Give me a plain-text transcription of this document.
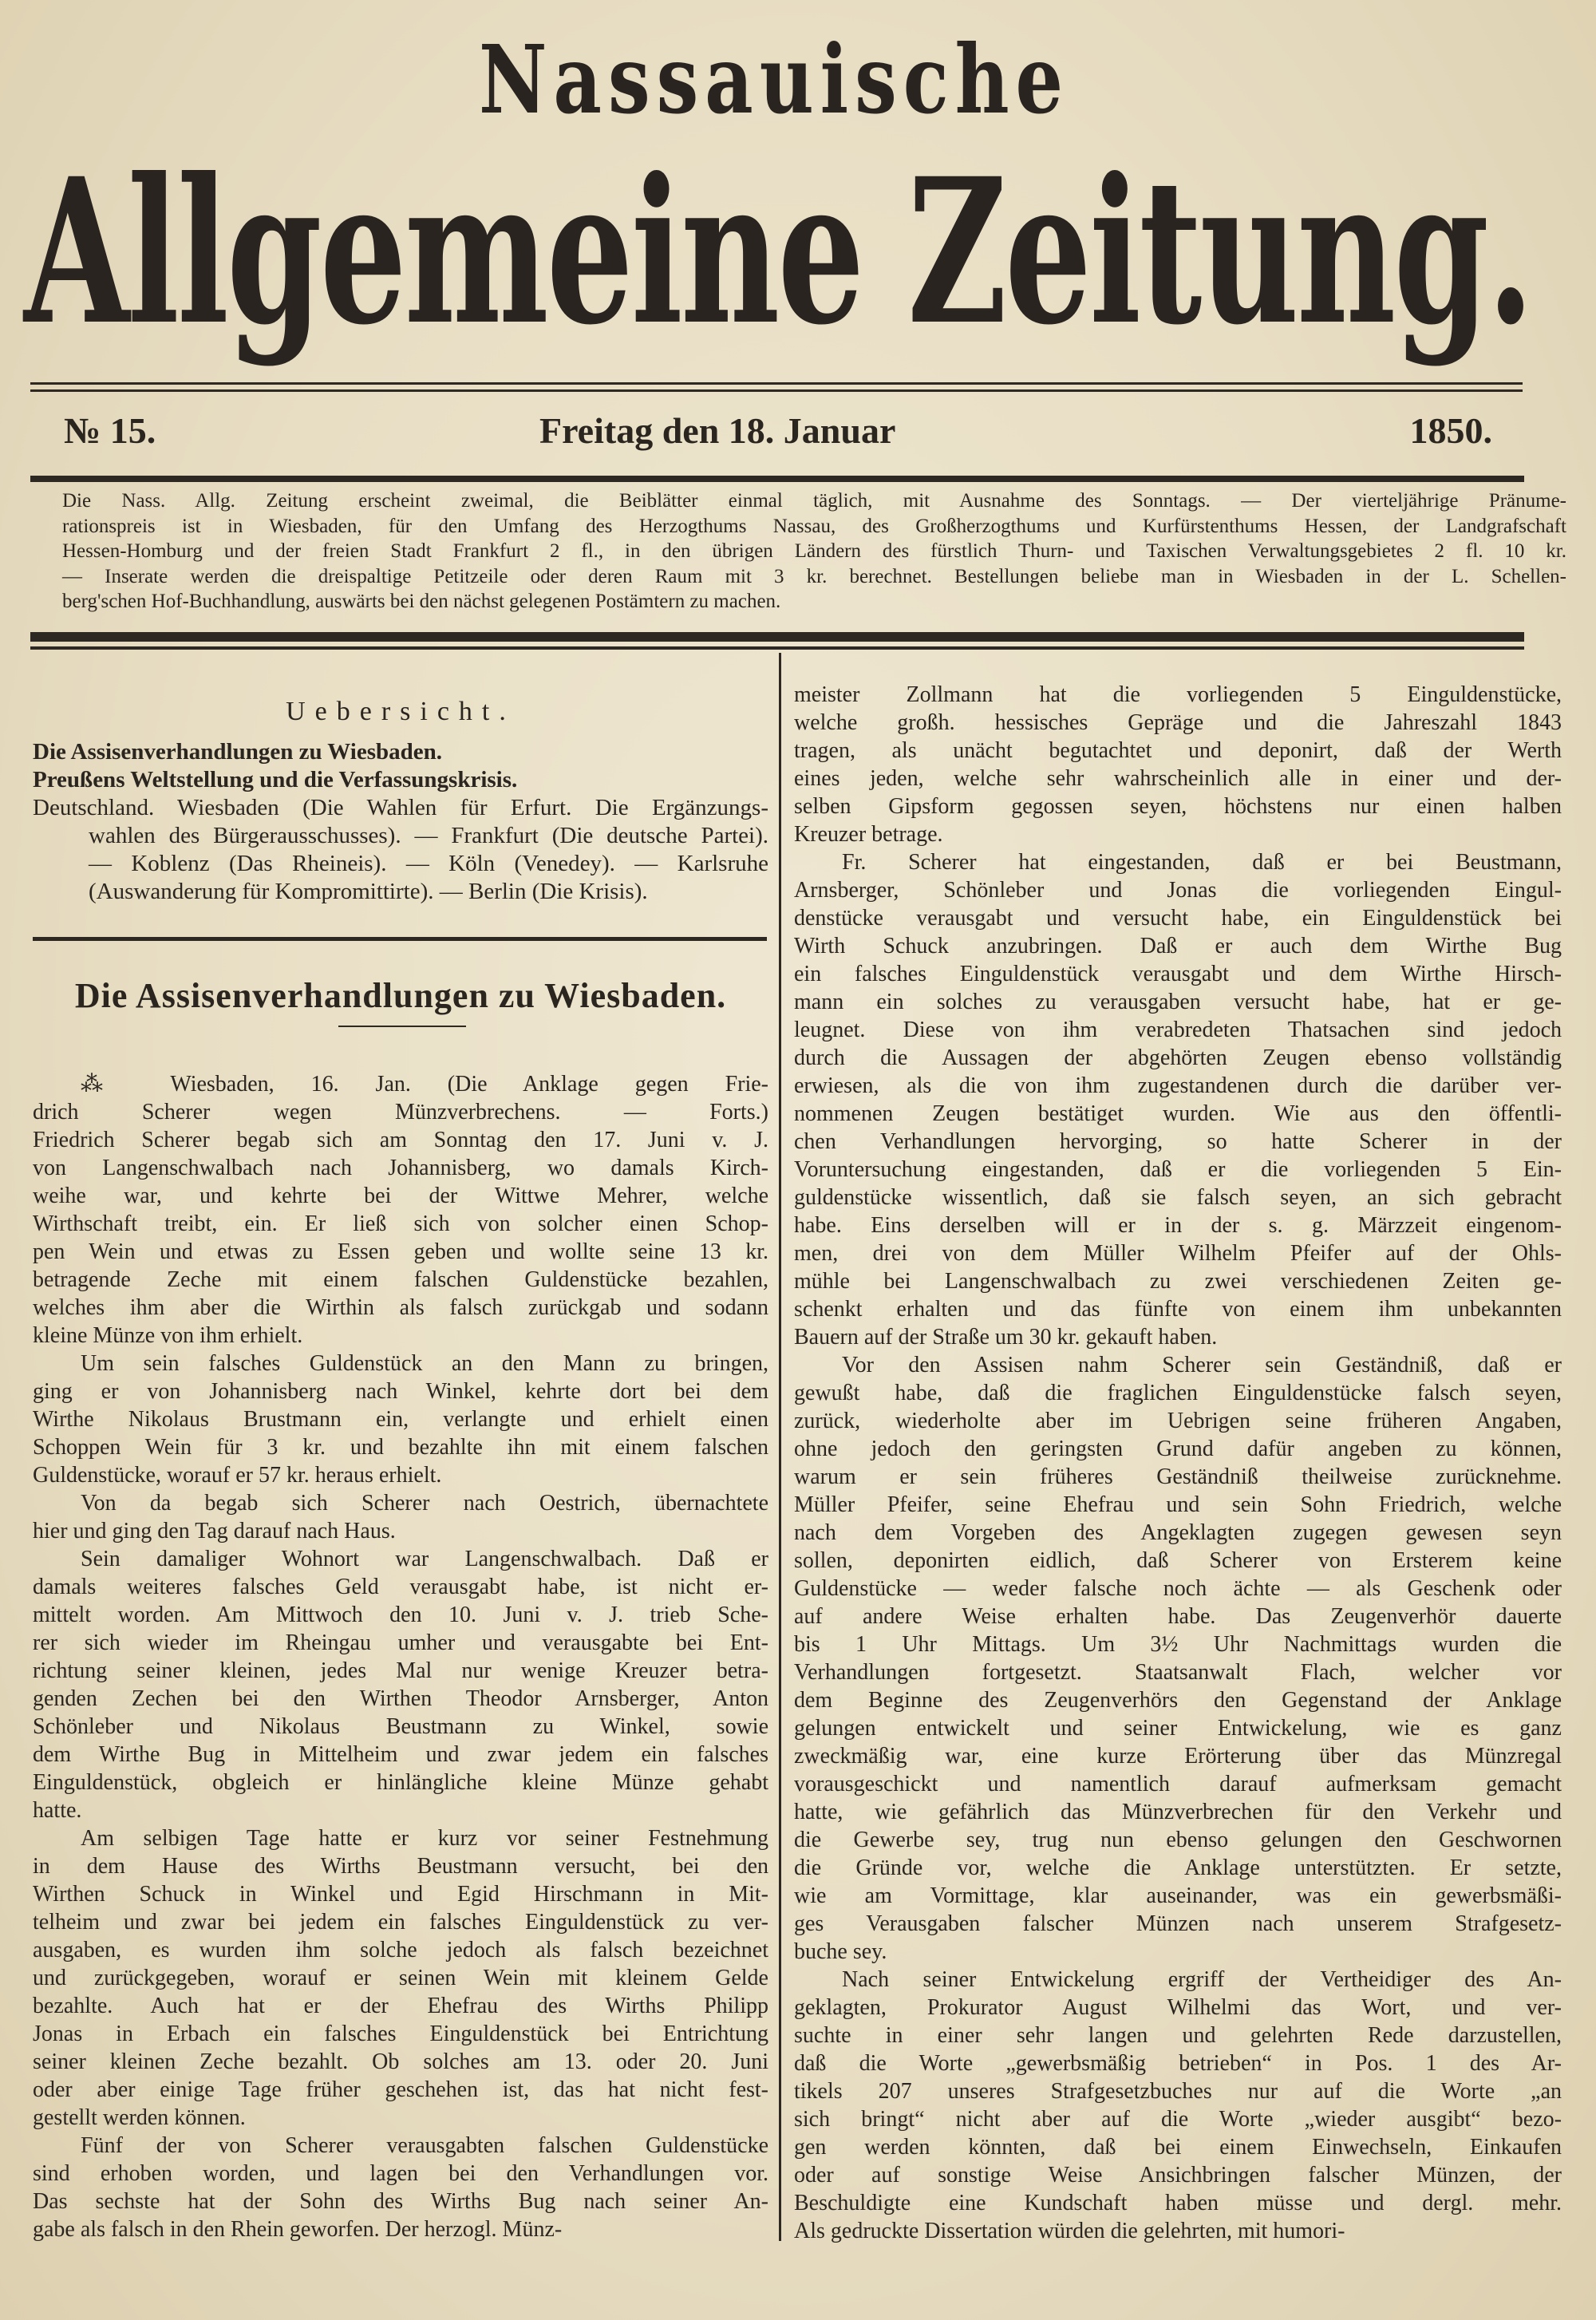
Nassauische
Allgemeine Zeitung.
№ 15.	Freitag den 18. Januar	1850.
Die Nass. Allg. Zeitung erscheint zweimal, die Beiblätter einmal täglich, mit Ausnahme des Sonntags. — Der vierteljährige Pränume-
rationspreis ist in Wiesbaden, für den Umfang des Herzogthums Nassau, des Großherzogthums und Kurfürstenthums Hessen, der Landgrafschaft
Hessen-Homburg und der freien Stadt Frankfurt 2 fl., in den übrigen Ländern des fürstlich Thurn- und Taxischen Verwaltungsgebietes 2 fl. 10 kr.
— Inserate werden die dreispaltige Petitzeile oder deren Raum mit 3 kr. berechnet. Bestellungen beliebe man in Wiesbaden in der L. Schellen-
berg'schen Hof-Buchhandlung, auswärts bei den nächst gelegenen Postämtern zu machen.
Uebersicht.
Die Assisenverhandlungen zu Wiesbaden.
Preußens Weltstellung und die Verfassungskrisis.
Deutschland. Wiesbaden (Die Wahlen für Erfurt. Die Ergänzungs-
wahlen des Bürgerausschusses). — Frankfurt (Die deutsche Partei).
— Koblenz (Das Rheineis). — Köln (Venedey). — Karlsruhe
(Auswanderung für Kompromittirte). — Berlin (Die Krisis).
Die Assisenverhandlungen zu Wiesbaden.
⁂ Wiesbaden, 16. Jan. (Die Anklage gegen Frie-
drich Scherer wegen Münzverbrechens. — Forts.)
Friedrich Scherer begab sich am Sonntag den 17. Juni v. J.
von Langenschwalbach nach Johannisberg, wo damals Kirch-
weihe war, und kehrte bei der Wittwe Mehrer, welche
Wirthschaft treibt, ein. Er ließ sich von solcher einen Schop-
pen Wein und etwas zu Essen geben und wollte seine 13 kr.
betragende Zeche mit einem falschen Guldenstücke bezahlen,
welches ihm aber die Wirthin als falsch zurückgab und sodann
kleine Münze von ihm erhielt.
Um sein falsches Guldenstück an den Mann zu bringen,
ging er von Johannisberg nach Winkel, kehrte dort bei dem
Wirthe Nikolaus Brustmann ein, verlangte und erhielt einen
Schoppen Wein für 3 kr. und bezahlte ihn mit einem falschen
Guldenstücke, worauf er 57 kr. heraus erhielt.
Von da begab sich Scherer nach Oestrich, übernachtete
hier und ging den Tag darauf nach Haus.
Sein damaliger Wohnort war Langenschwalbach. Daß er
damals weiteres falsches Geld verausgabt habe, ist nicht er-
mittelt worden. Am Mittwoch den 10. Juni v. J. trieb Sche-
rer sich wieder im Rheingau umher und verausgabte bei Ent-
richtung seiner kleinen, jedes Mal nur wenige Kreuzer betra-
genden Zechen bei den Wirthen Theodor Arnsberger, Anton
Schönleber und Nikolaus Beustmann zu Winkel, sowie
dem Wirthe Bug in Mittelheim und zwar jedem ein falsches
Einguldenstück, obgleich er hinlängliche kleine Münze gehabt
hatte.
Am selbigen Tage hatte er kurz vor seiner Festnehmung
in dem Hause des Wirths Beustmann versucht, bei den
Wirthen Schuck in Winkel und Egid Hirschmann in Mit-
telheim und zwar bei jedem ein falsches Einguldenstück zu ver-
ausgaben, es wurden ihm solche jedoch als falsch bezeichnet
und zurückgegeben, worauf er seinen Wein mit kleinem Gelde
bezahlte. Auch hat er der Ehefrau des Wirths Philipp
Jonas in Erbach ein falsches Einguldenstück bei Entrichtung
seiner kleinen Zeche bezahlt. Ob solches am 13. oder 20. Juni
oder aber einige Tage früher geschehen ist, das hat nicht fest-
gestellt werden können.
Fünf der von Scherer verausgabten falschen Guldenstücke
sind erhoben worden, und lagen bei den Verhandlungen vor.
Das sechste hat der Sohn des Wirths Bug nach seiner An-
gabe als falsch in den Rhein geworfen. Der herzogl. Münz-
meister Zollmann hat die vorliegenden 5 Einguldenstücke,
welche großh. hessisches Gepräge und die Jahreszahl 1843
tragen, als unächt begutachtet und deponirt, daß der Werth
eines jeden, welche sehr wahrscheinlich alle in einer und der-
selben Gipsform gegossen seyen, höchstens nur einen halben
Kreuzer betrage.
Fr. Scherer hat eingestanden, daß er bei Beustmann,
Arnsberger, Schönleber und Jonas die vorliegenden Eingul-
denstücke verausgabt und versucht habe, ein Einguldenstück bei
Wirth Schuck anzubringen. Daß er auch dem Wirthe Bug
ein falsches Einguldenstück verausgabt und dem Wirthe Hirsch-
mann ein solches zu verausgaben versucht habe, hat er ge-
leugnet. Diese von ihm verabredeten Thatsachen sind jedoch
durch die Aussagen der abgehörten Zeugen ebenso vollständig
erwiesen, als die von ihm zugestandenen durch die darüber ver-
nommenen Zeugen bestätiget wurden. Wie aus den öffentli-
chen Verhandlungen hervorging, so hatte Scherer in der
Voruntersuchung eingestanden, daß er die vorliegenden 5 Ein-
guldenstücke wissentlich, daß sie falsch seyen, an sich gebracht
habe. Eins derselben will er in der s. g. Märzzeit eingenom-
men, drei von dem Müller Wilhelm Pfeifer auf der Ohls-
mühle bei Langenschwalbach zu zwei verschiedenen Zeiten ge-
schenkt erhalten und das fünfte von einem ihm unbekannten
Bauern auf der Straße um 30 kr. gekauft haben.
Vor den Assisen nahm Scherer sein Geständniß, daß er
gewußt habe, daß die fraglichen Einguldenstücke falsch seyen,
zurück, wiederholte aber im Uebrigen seine früheren Angaben,
ohne jedoch den geringsten Grund dafür angeben zu können,
warum er sein früheres Geständniß theilweise zurücknehme.
Müller Pfeifer, seine Ehefrau und sein Sohn Friedrich, welche
nach dem Vorgeben des Angeklagten zugegen gewesen seyn
sollen, deponirten eidlich, daß Scherer von Ersterem keine
Guldenstücke — weder falsche noch ächte — als Geschenk oder
auf andere Weise erhalten habe. Das Zeugenverhör dauerte
bis 1 Uhr Mittags. Um 3½ Uhr Nachmittags wurden die
Verhandlungen fortgesetzt. Staatsanwalt Flach, welcher vor
dem Beginne des Zeugenverhörs den Gegenstand der Anklage
gelungen entwickelt und seiner Entwickelung, wie es ganz
zweckmäßig war, eine kurze Erörterung über das Münzregal
vorausgeschickt und namentlich darauf aufmerksam gemacht
hatte, wie gefährlich das Münzverbrechen für den Verkehr und
die Gewerbe sey, trug nun ebenso gelungen den Geschwornen
die Gründe vor, welche die Anklage unterstützten. Er setzte,
wie am Vormittage, klar auseinander, was ein gewerbsmäßi-
ges Verausgaben falscher Münzen nach unserem Strafgesetz-
buche sey.
Nach seiner Entwickelung ergriff der Vertheidiger des An-
geklagten, Prokurator August Wilhelmi das Wort, und ver-
suchte in einer sehr langen und gelehrten Rede darzustellen,
daß die Worte „gewerbsmäßig betrieben“ in Pos. 1 des Ar-
tikels 207 unseres Strafgesetzbuches nur auf die Worte „an
sich bringt“ nicht aber auf die Worte „wieder ausgibt“ bezo-
gen werden könnten, daß bei einem Einwechseln, Einkaufen
oder auf sonstige Weise Ansichbringen falscher Münzen, der
Beschuldigte eine Kundschaft haben müsse und dergl. mehr.
Als gedruckte Dissertation würden die gelehrten, mit humori-
